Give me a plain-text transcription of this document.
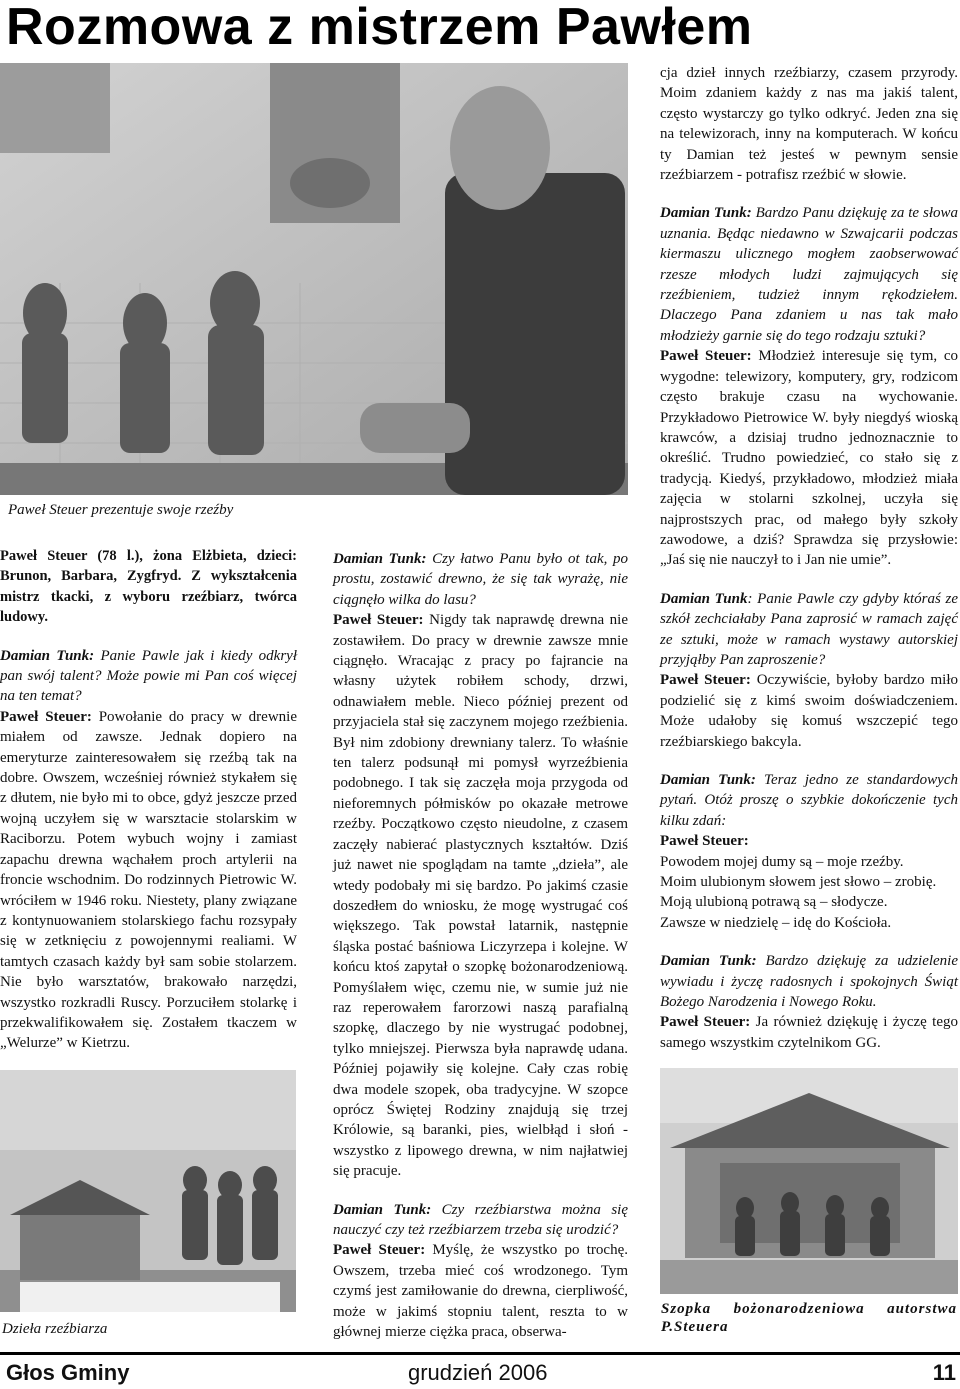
Rozmowa z mistrzem Pawłem

Paweł Steuer prezentuje swoje rzeźby

Dzieła rzeźbiarza

Szopka bożonarodzeniowa autorstwa P.Steuera

Paweł Steuer (78 l.), żona Elżbieta, dzieci: Brunon, Barbara, Zygfryd. Z wykształcenia mistrz tkacki, z wyboru rzeźbiarz, twórca ludowy.

Damian Tunk: Panie Pawle jak i kiedy odkrył pan swój talent? Może powie mi Pan coś więcej na ten temat?

Paweł Steuer: Powołanie do pracy w drewnie miałem od zawsze. Jednak dopiero na emeryturze zainteresowałem się rzeźbą tak na dobre. Owszem, wcześniej również stykałem się z dłutem, nie było mi to obce, gdyż jeszcze przed wojną uczyłem się w warsztacie stolarskim w Raciborzu. Potem wybuch wojny i zamiast zapachu drewna wąchałem proch artylerii na froncie wschodnim. Do rodzinnych Pietrowic W. wróciłem w 1946 roku. Niestety, plany związane z kontynuowaniem stolarskiego fachu rozsypały się w zetknięciu z powojennymi realiami. W tamtych czasach każdy był sam sobie stolarzem. Nie było warsztatów, brakowało narzędzi, wszystko rozkradli Ruscy. Porzuciłem stolarkę i przekwalifikowałem się. Zostałem tkaczem w „Welurze” w Kietrzu.

Damian Tunk: Czy łatwo Panu było ot tak, po prostu, zostawić drewno, że się tak wyrażę, nie ciągnęło wilka do lasu?

Paweł Steuer: Nigdy tak naprawdę drewna nie zostawiłem. Do pracy w drewnie zawsze mnie ciągnęło. Wracając z pracy po fajrancie na własny użytek robiłem schody, drzwi, odnawiałem meble. Nieco później prezent od przyjaciela stał się zaczynem mojego rzeźbienia. Był nim zdobiony drewniany talerz. To właśnie ten talerz podsunął mi pomysł wyrzeźbienia podobnego. I tak się zaczęła moja przygoda od nieforemnych półmisków po okazałe metrowe rzeźby. Początkowo często nieudolne, z czasem zaczęły nabierać plastycznych kształtów. Dziś już nawet nie spoglądam na tamte „dzieła”, ale wtedy podobały mi się bardzo. Po jakimś czasie doszedłem do wniosku, że mogę wystrugać coś większego. Tak powstał latarnik, następnie śląska postać baśniowa Liczyrzepa i kolejne. W końcu ktoś zapytał o szopkę bożonarodzeniową. Pomyślałem więc, czemu nie, w sumie już nie raz reperowałem farorzowi naszą parafialną szopkę, dlaczego by nie wystrugać podobnej, tylko mniejszej. Pierwsza była naprawdę udana. Później pojawiły się kolejne. Cały czas robię dwa modele szopek, oba tradycyjne. W szopce oprócz Świętej Rodziny znajdują się trzej Królowie, są baranki, pies, wielbłąd i słoń - wszystko z lipowego drewna, w nim najłatwiej się pracuje.

Damian Tunk: Czy rzeźbiarstwa można się nauczyć czy też rzeźbiarzem trzeba się urodzić?

Paweł Steuer: Myślę, że wszystko po trochę. Owszem, trzeba mieć coś wrodzonego. Tym czymś jest zamiłowanie do drewna, cierpliwość, może w jakimś stopniu talent, reszta to w głównej mierze ciężka praca, obserwa-

cja dzieł innych rzeźbiarzy, czasem przyrody. Moim zdaniem każdy z nas ma jakiś talent, często wystarczy go tylko odkryć. Jeden zna się na telewizorach, inny na komputerach. W końcu ty Damian też jesteś w pewnym sensie rzeźbiarzem - potrafisz rzeźbić w słowie.

Damian Tunk: Bardzo Panu dziękuję za te słowa uznania. Będąc niedawno w Szwajcarii podczas kiermaszu ulicznego mogłem zaobserwować rzesze młodych ludzi zajmujących się rzeźbieniem, tudzież innym rękodziełem. Dlaczego Pana zdaniem u nas tak mało młodzieży garnie się do tego rodzaju sztuki?

Paweł Steuer: Młodzież interesuje się tym, co wygodne: telewizory, komputery, gry, rodzicom często brakuje czasu na wychowanie. Przykładowo Pietrowice W. były niegdyś wioską krawców, a dzisiaj trudno jednoznacznie to określić. Trudno powiedzieć, co stało się z tradycją. Kiedyś, przykładowo, młodzież miała zajęcia w stolarni szkolnej, uczyła się najprostszych prac, od małego były szkoły zawodowe, a dziś? Sprawdza się przysłowie: „Jaś się nie nauczył to i Jan nie umie”.

Damian Tunk: Panie Pawle czy gdyby któraś ze szkół zechciałaby Pana zaprosić w ramach zajęć ze sztuki, może w ramach wystawy autorskiej przyjąłby Pan zaproszenie?

Paweł Steuer: Oczywiście, byłoby bardzo miło podzielić się z kimś swoim doświadczeniem. Może udałoby się komuś wszczepić tego rzeźbiarskiego bakcyla.

Damian Tunk: Teraz jedno ze standardowych pytań. Otóż proszę o szybkie dokończenie tych kilku zdań:

Paweł Steuer:
Powodem mojej dumy są – moje rzeźby.
Moim ulubionym słowem jest słowo – zrobię.
Moją ulubioną potrawą są – słodycze.
Zawsze w niedzielę – idę do Kościoła.

Damian Tunk: Bardzo dziękuję za udzielenie wywiadu i życzę radosnych i spokojnych Świąt Bożego Narodzenia i Nowego Roku.

Paweł Steuer: Ja również dziękuję i życzę tego samego wszystkim czytelnikom GG.

Głos Gminy	grudzień 2006	11
